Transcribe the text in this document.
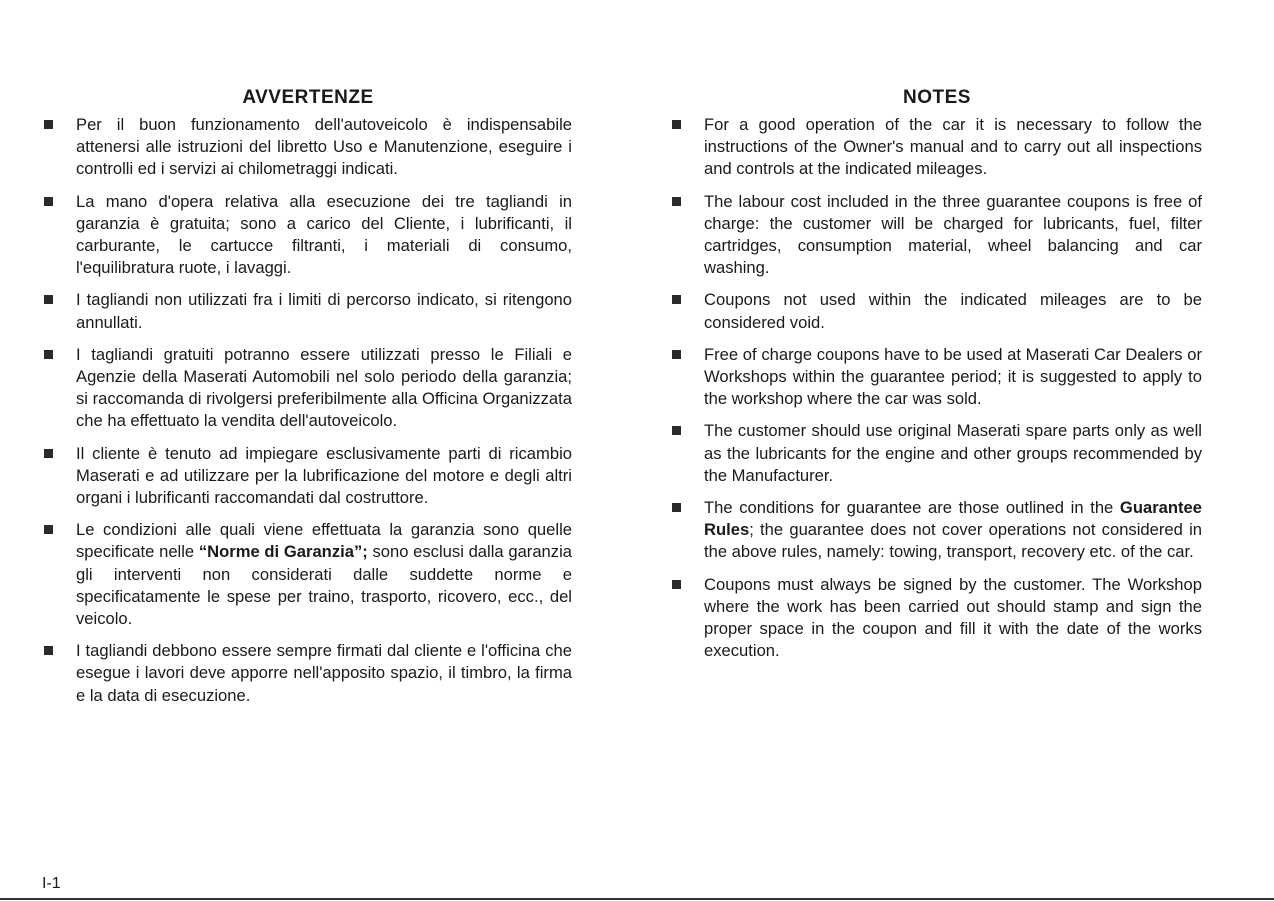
AVVERTENZE

Per il buon funzionamento dell'autoveicolo è indispensabile attenersi alle istruzioni del libretto Uso e Manutenzione, eseguire i controlli ed i servizi ai chilometraggi indicati.

La mano d'opera relativa alla esecuzione dei tre tagliandi in garanzia è gratuita; sono a carico del Cliente, i lubrificanti, il carburante, le cartucce filtranti, i materiali di consumo, l'equilibratura ruote, i lavaggi.

I tagliandi non utilizzati fra i limiti di percorso indicato, si ritengono annullati.

I tagliandi gratuiti potranno essere utilizzati presso le Filiali e Agenzie della Maserati Automobili nel solo periodo della garanzia; si raccomanda di rivolgersi preferibilmente alla Officina Organizzata che ha effettuato la vendita dell'autoveicolo.

Il cliente è tenuto ad impiegare esclusivamente parti di ricambio Maserati e ad utilizzare per la lubrificazione del motore e degli altri organi i lubrificanti raccomandati dal costruttore.

Le condizioni alle quali viene effettuata la garanzia sono quelle specificate nelle “Norme di Garanzia”; sono esclusi dalla garanzia gli interventi non considerati dalle suddette norme e specificatamente le spese per traino, trasporto, ricovero, ecc., del veicolo.

I tagliandi debbono essere sempre firmati dal cliente e l'officina che esegue i lavori deve apporre nell'apposito spazio, il timbro, la firma e la data di esecuzione.

NOTES

For a good operation of the car it is necessary to follow the instructions of the Owner's manual and to carry out all inspections and controls at the indicated mileages.

The labour cost included in the three guarantee coupons is free of charge: the customer will be charged for lubricants, fuel, filter cartridges, consumption material, wheel balancing and car washing.

Coupons not used within the indicated mileages are to be considered void.

Free of charge coupons have to be used at Maserati Car Dealers or Workshops within the guarantee period; it is suggested to apply to the workshop where the car was sold.

The customer should use original Maserati spare parts only as well as the lubricants for the engine and other groups recommended by the Manufacturer.

The conditions for guarantee are those outlined in the Guarantee Rules; the guarantee does not cover operations not considered in the above rules, namely: towing, transport, recovery etc. of the car.

Coupons must always be signed by the customer. The Workshop where the work has been carried out should stamp and sign the proper space in the coupon and fill it with the date of the works execution.

I-1
